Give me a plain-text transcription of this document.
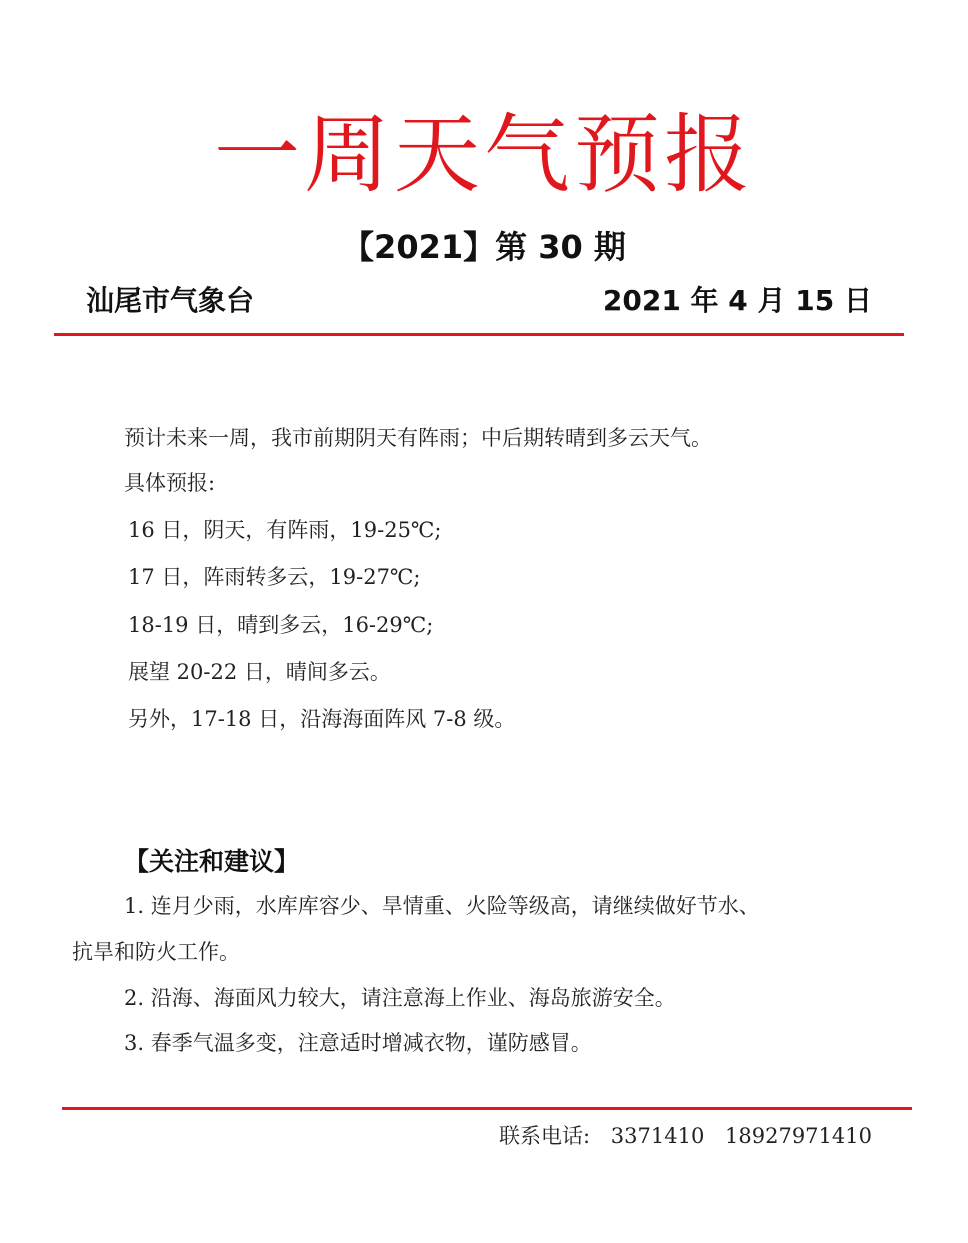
一周天气预报
【2021】第 30 期
汕尾市气象台	2021 年 4 月 15 日
预计未来一周，我市前期阴天有阵雨；中后期转晴到多云天气。
具体预报:
16 日，阴天，有阵雨，19-25℃;
17 日，阵雨转多云，19-27℃;
18-19 日，晴到多云，16-29℃;
展望 20-22 日，晴间多云。
另外，17-18 日，沿海海面阵风 7-8 级。
【关注和建议】
1. 连月少雨，水库库容少、旱情重、火险等级高，请继续做好节水、
抗旱和防火工作。
2. 沿海、海面风力较大，请注意海上作业、海岛旅游安全。
3. 春季气温多变，注意适时增减衣物，谨防感冒。
联系电话: 3371410 18927971410
